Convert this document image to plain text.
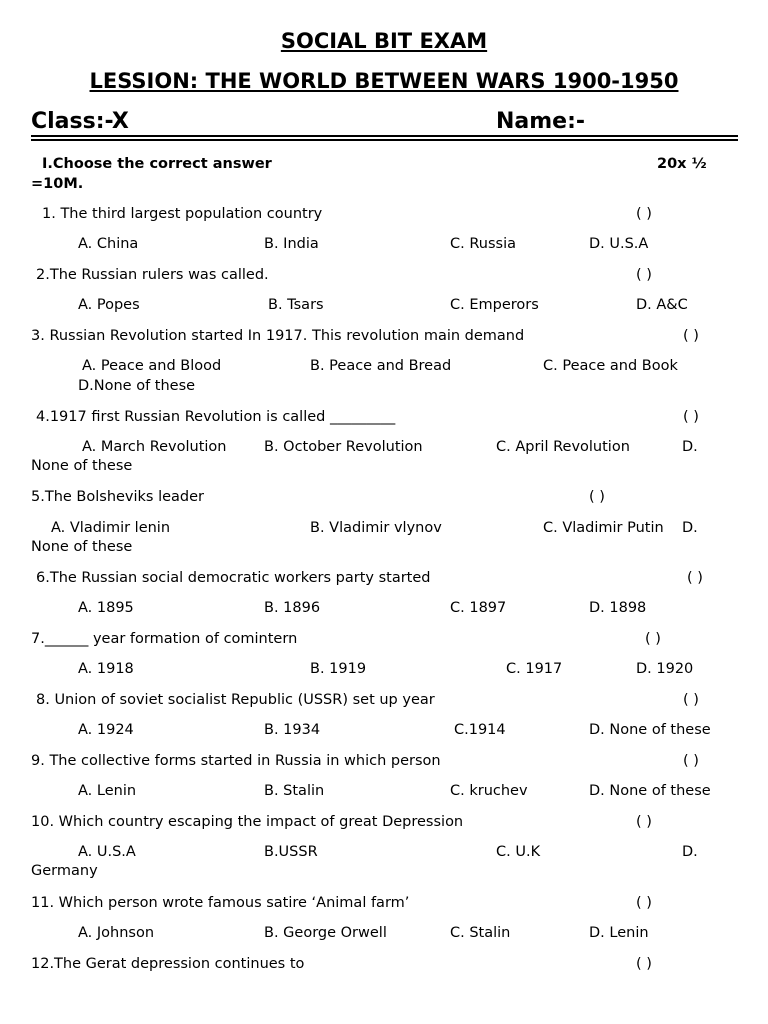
SOCIAL BIT EXAM
LESSION: THE WORLD BETWEEN WARS 1900-1950
Class:-X	Name:-
I.Choose the correct answer	20x ½
=10M.
1. The third largest population country	( )
A. China	B. India	C. Russia	D. U.S.A
2.The Russian rulers was called.	( )
A. Popes	B. Tsars	C. Emperors	D. A&C
3. Russian Revolution started In 1917. This revolution main demand	( )
A. Peace and Blood	B. Peace and Bread	C. Peace and Book
D.None of these
4.1917 first Russian Revolution is called _________	( )
A. March Revolution	B. October Revolution	C. April Revolution	D.
None of these
5.The Bolsheviks leader	( )
A. Vladimir lenin	B. Vladimir vlynov	C. Vladimir Putin D.
None of these
6.The Russian social democratic workers party started	( )
A. 1895	B. 1896	C. 1897	D. 1898
7.______ year formation of comintern	( )
A. 1918	B. 1919	C. 1917	D. 1920
8. Union of soviet socialist Republic (USSR) set up year	( )
A. 1924	B. 1934	C.1914	D. None of these
9. The collective forms started in Russia in which person	( )
A. Lenin	B. Stalin	C. kruchev	D. None of these
10. Which country escaping the impact of great Depression	( )
A. U.S.A	B.USSR	C. U.K	D.
Germany
11. Which person wrote famous satire ‘Animal farm’	( )
A. Johnson	B. George Orwell	C. Stalin	D. Lenin
12.The Gerat depression continues to	( )
